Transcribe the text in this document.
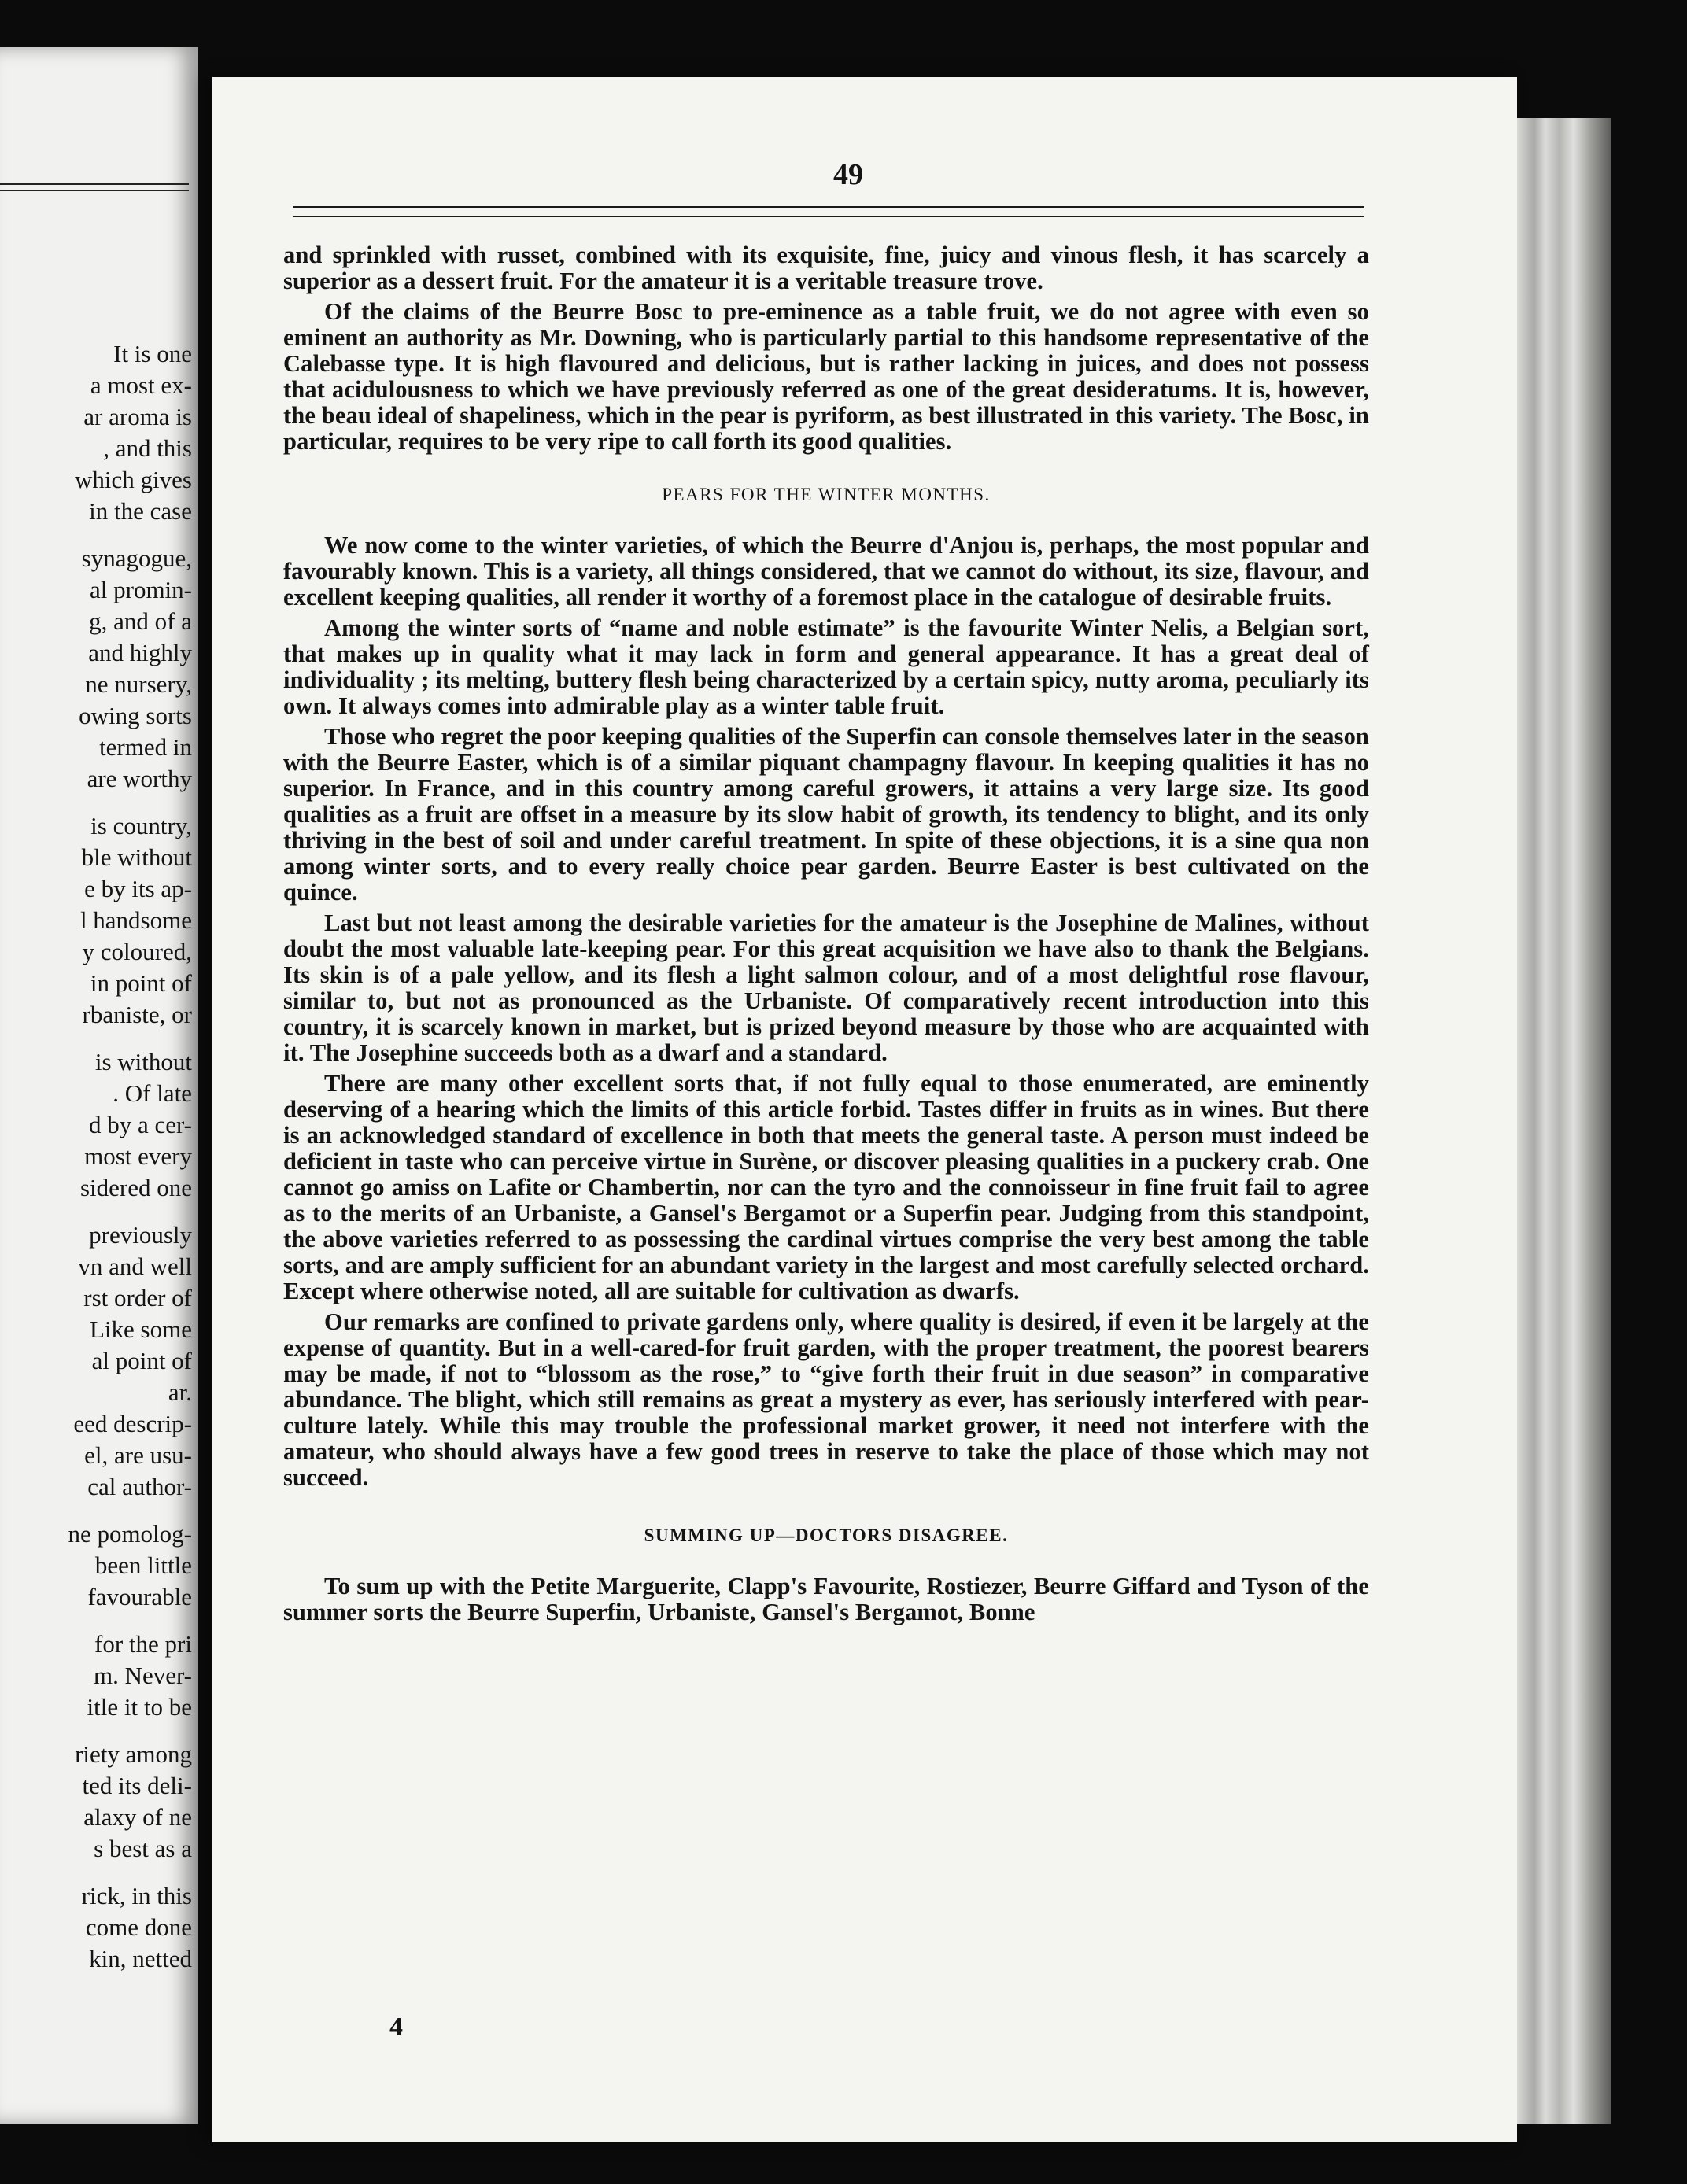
It is one
a most ex-
ar aroma is
, and this
which gives
in the case
synagogue,
al promin-
g, and of a
and highly
ne nursery,
owing sorts
termed in
are worthy
is country,
ble without
e by its ap-
l handsome
y coloured,
in point of
rbaniste, or
is without
. Of late
d by a cer-
most every
sidered one
previously
vn and well
rst order of
Like some
al point of
ar.
eed descrip-
el, are usu-
cal author-
ne pomolog-
been little
favourable
for the pri
m. Never-
itle it to be
riety among
ted its deli-
alaxy of ne
s best as a
rick, in this
come done
kin, netted
49

and sprinkled with russet, combined with its exquisite, fine, juicy and vinous flesh, it has scarcely a superior as a dessert fruit. For the amateur it is a veritable treasure trove.

Of the claims of the Beurre Bosc to pre-eminence as a table fruit, we do not agree with even so eminent an authority as Mr. Downing, who is particularly partial to this handsome representative of the Calebasse type. It is high flavoured and delicious, but is rather lacking in juices, and does not possess that acidulousness to which we have previously referred as one of the great desideratums. It is, however, the beau ideal of shapeliness, which in the pear is pyriform, as best illustrated in this variety. The Bosc, in particular, requires to be very ripe to call forth its good qualities.

PEARS FOR THE WINTER MONTHS.

We now come to the winter varieties, of which the Beurre d'Anjou is, perhaps, the most popular and favourably known. This is a variety, all things considered, that we cannot do without, its size, flavour, and excellent keeping qualities, all render it worthy of a foremost place in the catalogue of desirable fruits.

Among the winter sorts of “name and noble estimate” is the favourite Winter Nelis, a Belgian sort, that makes up in quality what it may lack in form and general appearance. It has a great deal of individuality ; its melting, buttery flesh being characterized by a certain spicy, nutty aroma, peculiarly its own. It always comes into admirable play as a winter table fruit.

Those who regret the poor keeping qualities of the Superfin can console themselves later in the season with the Beurre Easter, which is of a similar piquant champagny flavour. In keeping qualities it has no superior. In France, and in this country among careful growers, it attains a very large size. Its good qualities as a fruit are offset in a measure by its slow habit of growth, its tendency to blight, and its only thriving in the best of soil and under careful treatment. In spite of these objections, it is a sine qua non among winter sorts, and to every really choice pear garden. Beurre Easter is best cultivated on the quince.

Last but not least among the desirable varieties for the amateur is the Josephine de Malines, without doubt the most valuable late-keeping pear. For this great acquisition we have also to thank the Belgians. Its skin is of a pale yellow, and its flesh a light salmon colour, and of a most delightful rose flavour, similar to, but not as pronounced as the Urbaniste. Of comparatively recent introduction into this country, it is scarcely known in market, but is prized beyond measure by those who are acquainted with it. The Josephine succeeds both as a dwarf and a standard.

There are many other excellent sorts that, if not fully equal to those enumerated, are eminently deserving of a hearing which the limits of this article forbid. Tastes differ in fruits as in wines. But there is an acknowledged standard of excellence in both that meets the general taste. A person must indeed be deficient in taste who can perceive virtue in Surène, or discover pleasing qualities in a puckery crab. One cannot go amiss on Lafite or Chambertin, nor can the tyro and the connoisseur in fine fruit fail to agree as to the merits of an Urbaniste, a Gansel's Bergamot or a Superfin pear. Judging from this standpoint, the above varieties referred to as possessing the cardinal virtues comprise the very best among the table sorts, and are amply sufficient for an abundant variety in the largest and most carefully selected orchard. Except where otherwise noted, all are suitable for cultivation as dwarfs.

Our remarks are confined to private gardens only, where quality is desired, if even it be largely at the expense of quantity. But in a well-cared-for fruit garden, with the proper treatment, the poorest bearers may be made, if not to “blossom as the rose,” to “give forth their fruit in due season” in comparative abundance. The blight, which still remains as great a mystery as ever, has seriously interfered with pear-culture lately. While this may trouble the professional market grower, it need not interfere with the amateur, who should always have a few good trees in reserve to take the place of those which may not succeed.

SUMMING UP—DOCTORS DISAGREE.

To sum up with the Petite Marguerite, Clapp's Favourite, Rostiezer, Beurre Giffard and Tyson of the summer sorts the Beurre Superfin, Urbaniste, Gansel's Bergamot, Bonne

4
